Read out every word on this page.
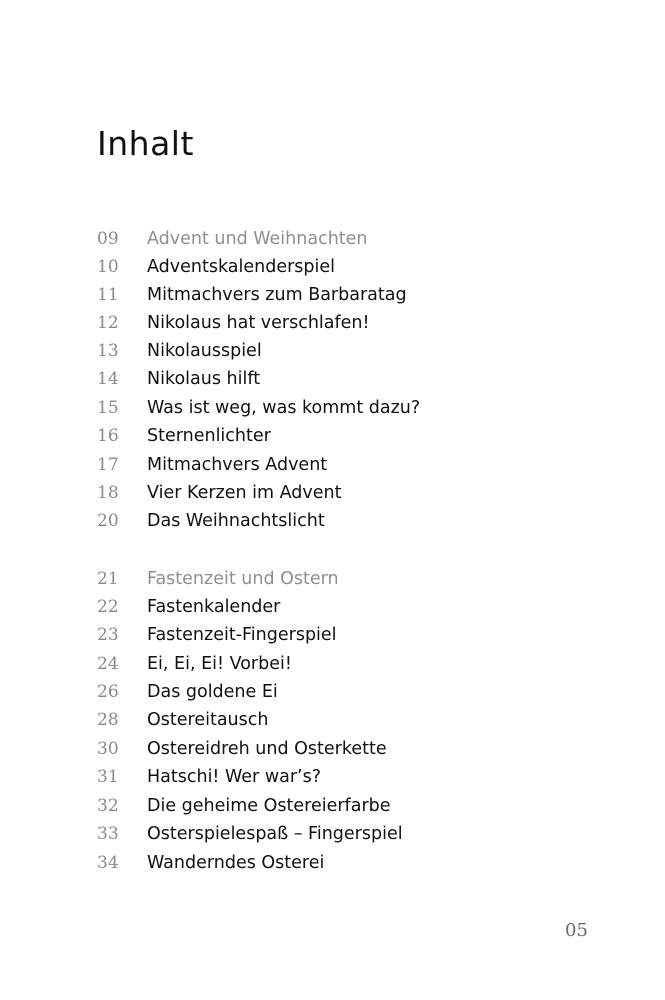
Inhalt
09 Advent und Weihnachten
10 Adventskalenderspiel
11 Mitmachvers zum Barbaratag
12 Nikolaus hat verschlafen!
13 Nikolausspiel
14 Nikolaus hilft
15 Was ist weg, was kommt dazu?
16 Sternenlichter
17 Mitmachvers Advent
18 Vier Kerzen im Advent
20 Das Weihnachtslicht
21 Fastenzeit und Ostern
22 Fastenkalender
23 Fastenzeit-Fingerspiel
24 Ei, Ei, Ei! Vorbei!
26 Das goldene Ei
28 Ostereitausch
30 Ostereidreh und Osterkette
31 Hatschi! Wer war’s?
32 Die geheime Ostereierfarbe
33 Osterspielespaß – Fingerspiel
34 Wanderndes Osterei
05
